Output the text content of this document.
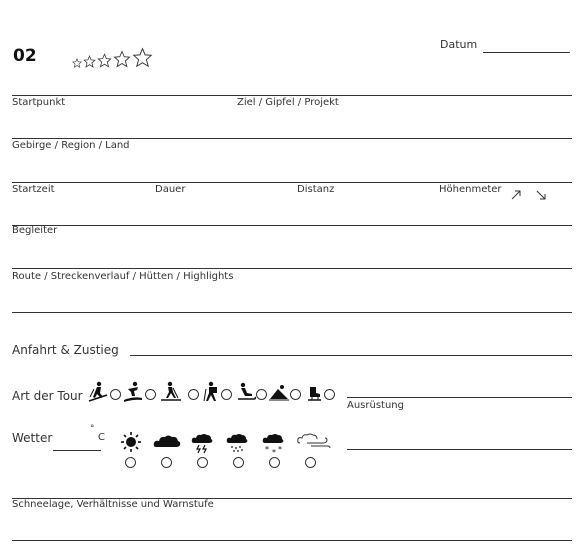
02
Datum
Startpunkt	Ziel / Gipfel / Projekt
Gebirge / Region / Land
Startzeit	Dauer	Distanz	Höhenmeter
Begleiter
Route / Streckenverlauf / Hütten / Highlights
Anfahrt & Zustieg
Art der Tour
Ausrüstung
Wetter
°
C
* * *
Schneelage, Verhältnisse und Warnstufe
